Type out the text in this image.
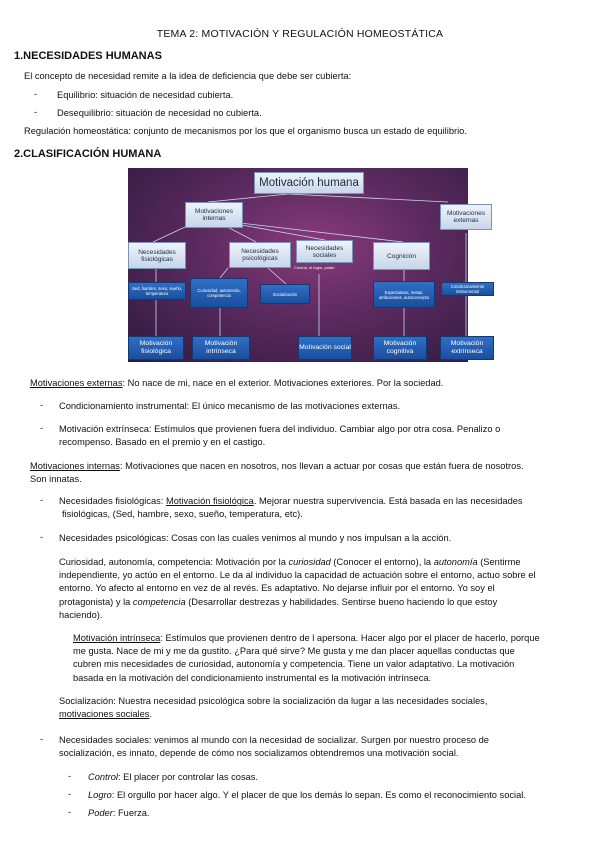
TEMA 2: MOTIVACIÓN Y REGULACIÓN HOMEOSTÁTICA
1.NECESIDADES HUMANAS
El concepto de necesidad remite a la idea de deficiencia que debe ser cubierta:
- Equilibrio: situación de necesidad cubierta.
- Desequilibrio: situación de necesidad no cubierta.
Regulación homeostática: conjunto de mecanismos por los que el organismo busca un estado de equilibrio.
2.CLASIFICACIÓN HUMANA
Motivación humana
Motivaciones internas
Motivaciones externas
Necesidades fisiológicas
Necesidades psicológicas
Necesidades sociales
Control, el logro, poder
Cognición
Sed, hambre, sexo, sueño, temperatura
Curiosidad, autonomía, competencia	Socialización	Expectativas, metas, atribuciones, autoconcepto
Condicionamiento instrumental
Motivación fisiológica
Motivación intrínseca
Motivación social
Motivación cognitiva
Motivación extrínseca
Motivaciones externas: No nace de mi, nace en el exterior. Motivaciones exteriores. Por la sociedad.
- Condicionamiento instrumental: El único mecanismo de las motivaciones externas.
- Motivación extrínseca: Estímulos que provienen fuera del individuo. Cambiar algo por otra cosa. Penalizo o
recompenso. Basado en el premio y en el castigo.
Motivaciones internas: Motivaciones que nacen en nosotros, nos llevan a actuar por cosas que están fuera de nosotros.
Son innatas.
- Necesidades fisiológicas: Motivación fisiológica. Mejorar nuestra supervivencia. Está basada en las necesidades
fisiológicas, (Sed, hambre, sexo, sueño, temperatura, etc).
- Necesidades psicológicas: Cosas con las cuales venimos al mundo y nos impulsan a la acción.
Curiosidad, autonomía, competencia: Motivación por la curiosidad (Conocer el entorno), la autonomía (Sentirme
independiente, yo actúo en el entorno. Le da al individuo la capacidad de actuación sobre el entorno, actuo sobre el
entorno. Yo afecto al entorno en vez de al revés. Es adaptativo. No dejarse influir por el entorno. Yo soy el
protagonista) y la competencia (Desarrollar destrezas y habilidades. Sentirse bueno haciendo lo que estoy
haciendo).
Motivación intrínseca: Estímulos que provienen dentro de l apersona. Hacer algo por el placer de hacerlo, porque
me gusta. Nace de mi y me da gustito. ¿Para qué sirve? Me gusta y me dan placer aquellas conductas que
cubren mis necesidades de curiosidad, autonomía y competencia. Tiene un valor adaptativo. La motivación
basada en la motivación del condicionamiento instrumental es la motivación intrínseca.
Socialización: Nuestra necesidad psicológica sobre la socialización da lugar a las necesidades sociales,
motivaciones sociales.
- Necesidades sociales: venimos al mundo con la necesidad de socializar. Surgen por nuestro proceso de
socialización, es innato, depende de cómo nos socializamos obtendremos una motivación social.
- Control: El placer por controlar las cosas.
- Logro: El orgullo por hacer algo. Y el placer de que los demás lo sepan. Es como el reconocimiento social.
- Poder: Fuerza.
